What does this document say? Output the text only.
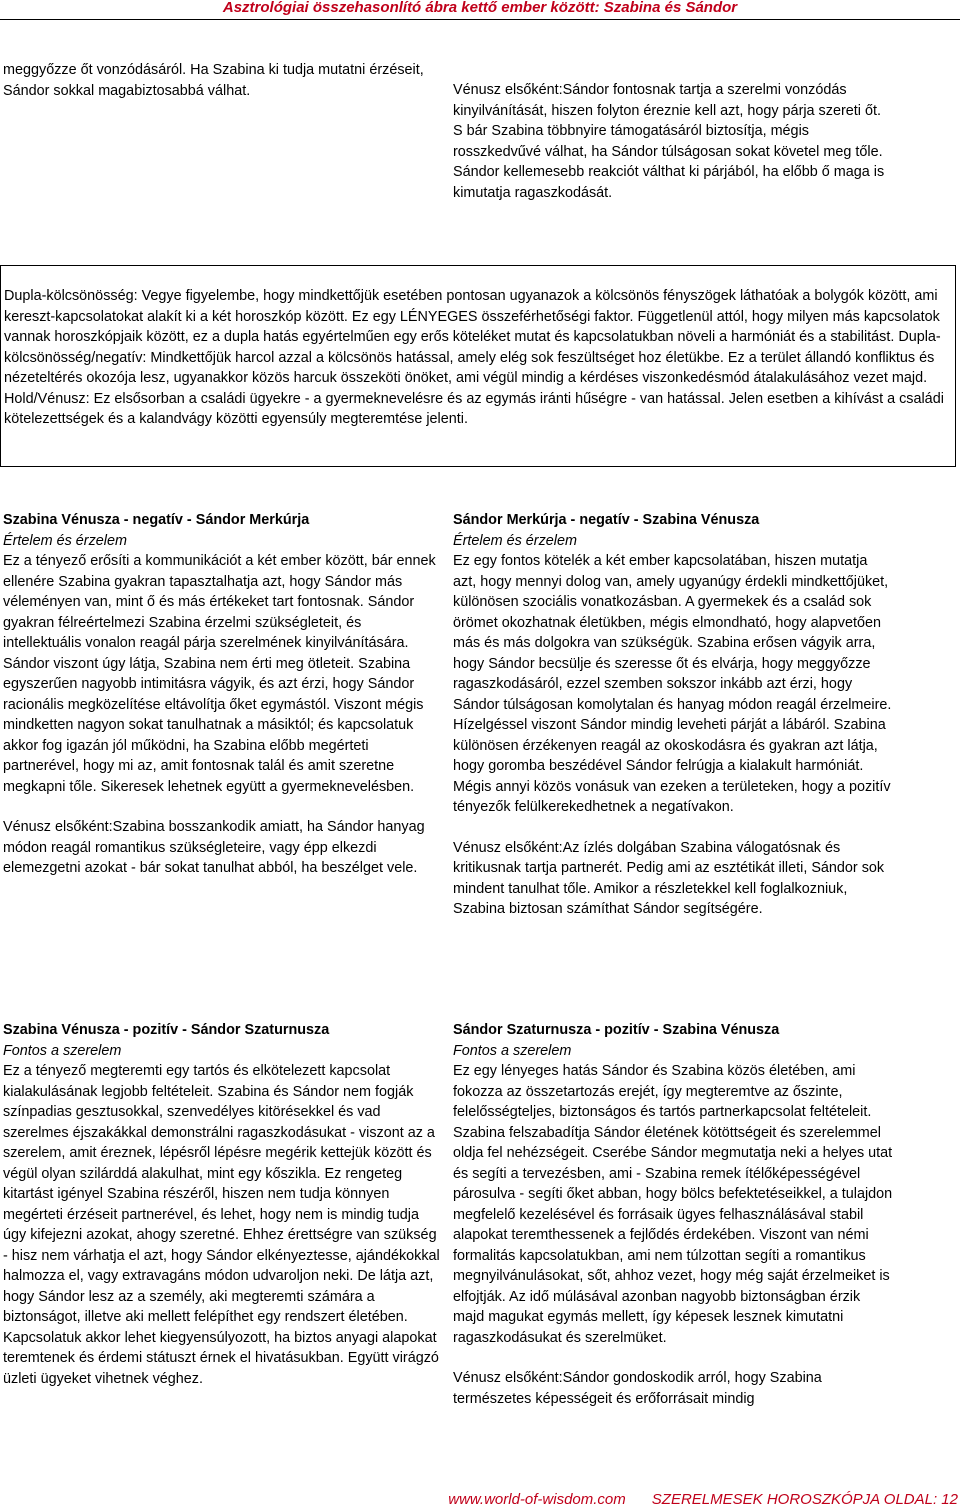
Asztrológiai összehasonlító ábra kettő ember között: Szabina és Sándor

meggyőzze őt vonzódásáról. Ha Szabina ki tudja mutatni érzéseit, Sándor sokkal magabiztosabbá válhat.	Vénusz elsőként:Sándor fontosnak tartja a szerelmi vonzódás kinyilvánítását, hiszen folyton éreznie kell azt, hogy párja szereti őt. S bár Szabina többnyire támogatásáról biztosítja, mégis rosszkedvűvé válhat, ha Sándor túlságosan sokat követel meg tőle. Sándor kellemesebb reakciót válthat ki párjából, ha előbb ő maga is kimutatja ragaszkodását.

Dupla-kölcsönösség: Vegye figyelembe, hogy mindkettőjük esetében pontosan ugyanazok a kölcsönös fényszögek láthatóak a bolygók között, ami kereszt-kapcsolatokat alakít ki a két horoszkóp között. Ez egy LÉNYEGES összeférhetőségi faktor. Függetlenül attól, hogy milyen más kapcsolatok vannak horoszkópjaik között, ez a dupla hatás egyértelműen egy erős köteléket mutat és kapcsolatukban növeli a harmóniát és a stabilitást. Dupla-kölcsönösség/negatív: Mindkettőjük harcol azzal a kölcsönös hatással, amely elég sok feszültséget hoz életükbe. Ez a terület állandó konfliktus és nézeteltérés okozója lesz, ugyanakkor közös harcuk összeköti önöket, ami végül mindig a kérdéses viszonkedésmód átalakulásához vezet majd. Hold/Vénusz: Ez elsősorban a családi ügyekre - a gyermeknevelésre és az egymás iránti hűségre - van hatással. Jelen esetben a kihívást a családi kötelezettségek és a kalandvágy közötti egyensúly megteremtése jelenti.
Szabina Vénusza - negatív - Sándor Merkúrja
Értelem és érzelem
Ez a tényező erősíti a kommunikációt a két ember között, bár ennek ellenére Szabina gyakran tapasztalhatja azt, hogy Sándor más véleményen van, mint ő és más értékeket tart fontosnak. Sándor gyakran félreértelmezi Szabina érzelmi szükségleteit, és intellektuális vonalon reagál párja szerelmének kinyilvánítására. Sándor viszont úgy látja, Szabina nem érti meg ötleteit. Szabina egyszerűen nagyobb intimitásra vágyik, és azt érzi, hogy Sándor racionális megközelítése eltávolítja őket egymástól. Viszont mégis mindketten nagyon sokat tanulhatnak a másiktól; és kapcsolatuk akkor fog igazán jól működni, ha Szabina előbb megérteti partnerével, hogy mi az, amit fontosnak talál és amit szeretne megkapni tőle. Sikeresek lehetnek együtt a gyermeknevelésben.
Vénusz elsőként:Szabina bosszankodik amiatt, ha Sándor hanyag módon reagál romantikus szükségleteire, vagy épp elkezdi elemezgetni azokat - bár sokat tanulhat abból, ha beszélget vele.
Sándor Merkúrja - negatív - Szabina Vénusza
Értelem és érzelem
Ez egy fontos kötelék a két ember kapcsolatában, hiszen mutatja azt, hogy mennyi dolog van, amely ugyanúgy érdekli mindkettőjüket, különösen szociális vonatkozásban. A gyermekek és a család sok örömet okozhatnak életükben, mégis elmondható, hogy alapvetően más és más dolgokra van szükségük. Szabina erősen vágyik arra, hogy Sándor becsülje és szeresse őt és elvárja, hogy meggyőzze ragaszkodásáról, ezzel szemben sokszor inkább azt érzi, hogy Sándor túlságosan komolytalan és hanyag módon reagál érzelmeire. Hízelgéssel viszont Sándor mindig leveheti párját a lábáról. Szabina különösen érzékenyen reagál az okoskodásra és gyakran azt látja, hogy goromba beszédével Sándor felrúgja a kialakult harmóniát. Mégis annyi közös vonásuk van ezeken a területeken, hogy a pozitív tényezők felülkerekedhetnek a negatívakon.
Vénusz elsőként:Az ízlés dolgában Szabina válogatósnak és kritikusnak tartja partnerét. Pedig ami az esztétikát illeti, Sándor sok mindent tanulhat tőle. Amikor a részletekkel kell foglalkozniuk, Szabina biztosan számíthat Sándor segítségére.
Szabina Vénusza - pozitív - Sándor Szaturnusza
Fontos a szerelem
Ez a tényező megteremti egy tartós és elkötelezett kapcsolat kialakulásának legjobb feltételeit. Szabina és Sándor nem fogják színpadias gesztusokkal, szenvedélyes kitörésekkel és vad szerelmes éjszakákkal demonstrálni ragaszkodásukat - viszont az a szerelem, amit éreznek, lépésről lépésre megérik kettejük között és végül olyan szilárddá alakulhat, mint egy kőszikla. Ez rengeteg kitartást igényel Szabina részéről, hiszen nem tudja könnyen megérteti érzéseit partnerével, és lehet, hogy nem is mindig tudja úgy kifejezni azokat, ahogy szeretné. Ehhez érettségre van szükség - hisz nem várhatja el azt, hogy Sándor elkényeztesse, ajándékokkal halmozza el, vagy extravagáns módon udvaroljon neki. De látja azt, hogy Sándor lesz az a személy, aki megteremti számára a biztonságot, illetve aki mellett felépíthet egy rendszert életében. Kapcsolatuk akkor lehet kiegyensúlyozott, ha biztos anyagi alapokat teremtenek és érdemi státuszt érnek el hivatásukban. Együtt virágzó üzleti ügyeket vihetnek véghez.
Sándor Szaturnusza - pozitív - Szabina Vénusza
Fontos a szerelem
Ez egy lényeges hatás Sándor és Szabina közös életében, ami fokozza az összetartozás erejét, így megteremtve az őszinte, felelősségteljes, biztonságos és tartós partnerkapcsolat feltételeit. Szabina felszabadítja Sándor életének kötöttségeit és szerelemmel oldja fel nehézségeit. Cserébe Sándor megmutatja neki a helyes utat és segíti a tervezésben, ami - Szabina remek ítélőképességével párosulva - segíti őket abban, hogy bölcs befektetéseikkel, a tulajdon megfelelő kezelésével és forrásaik ügyes felhasználásával stabil alapokat teremthessenek a fejlődés érdekében. Viszont van némi formalitás kapcsolatukban, ami nem túlzottan segíti a romantikus megnyilvánulásokat, sőt, ahhoz vezet, hogy még saját érzelmeiket is elfojtják. Az idő múlásával azonban nagyobb biztonságban érzik majd magukat egymás mellett, így képesek lesznek kimutatni ragaszkodásukat és szerelmüket.
Vénusz elsőként:Sándor gondoskodik arról, hogy Szabina természetes képességeit és erőforrásait mindig
www.world-of-wisdom.com SZERELMESEK HOROSZKÓPJA OLDAL: 12
